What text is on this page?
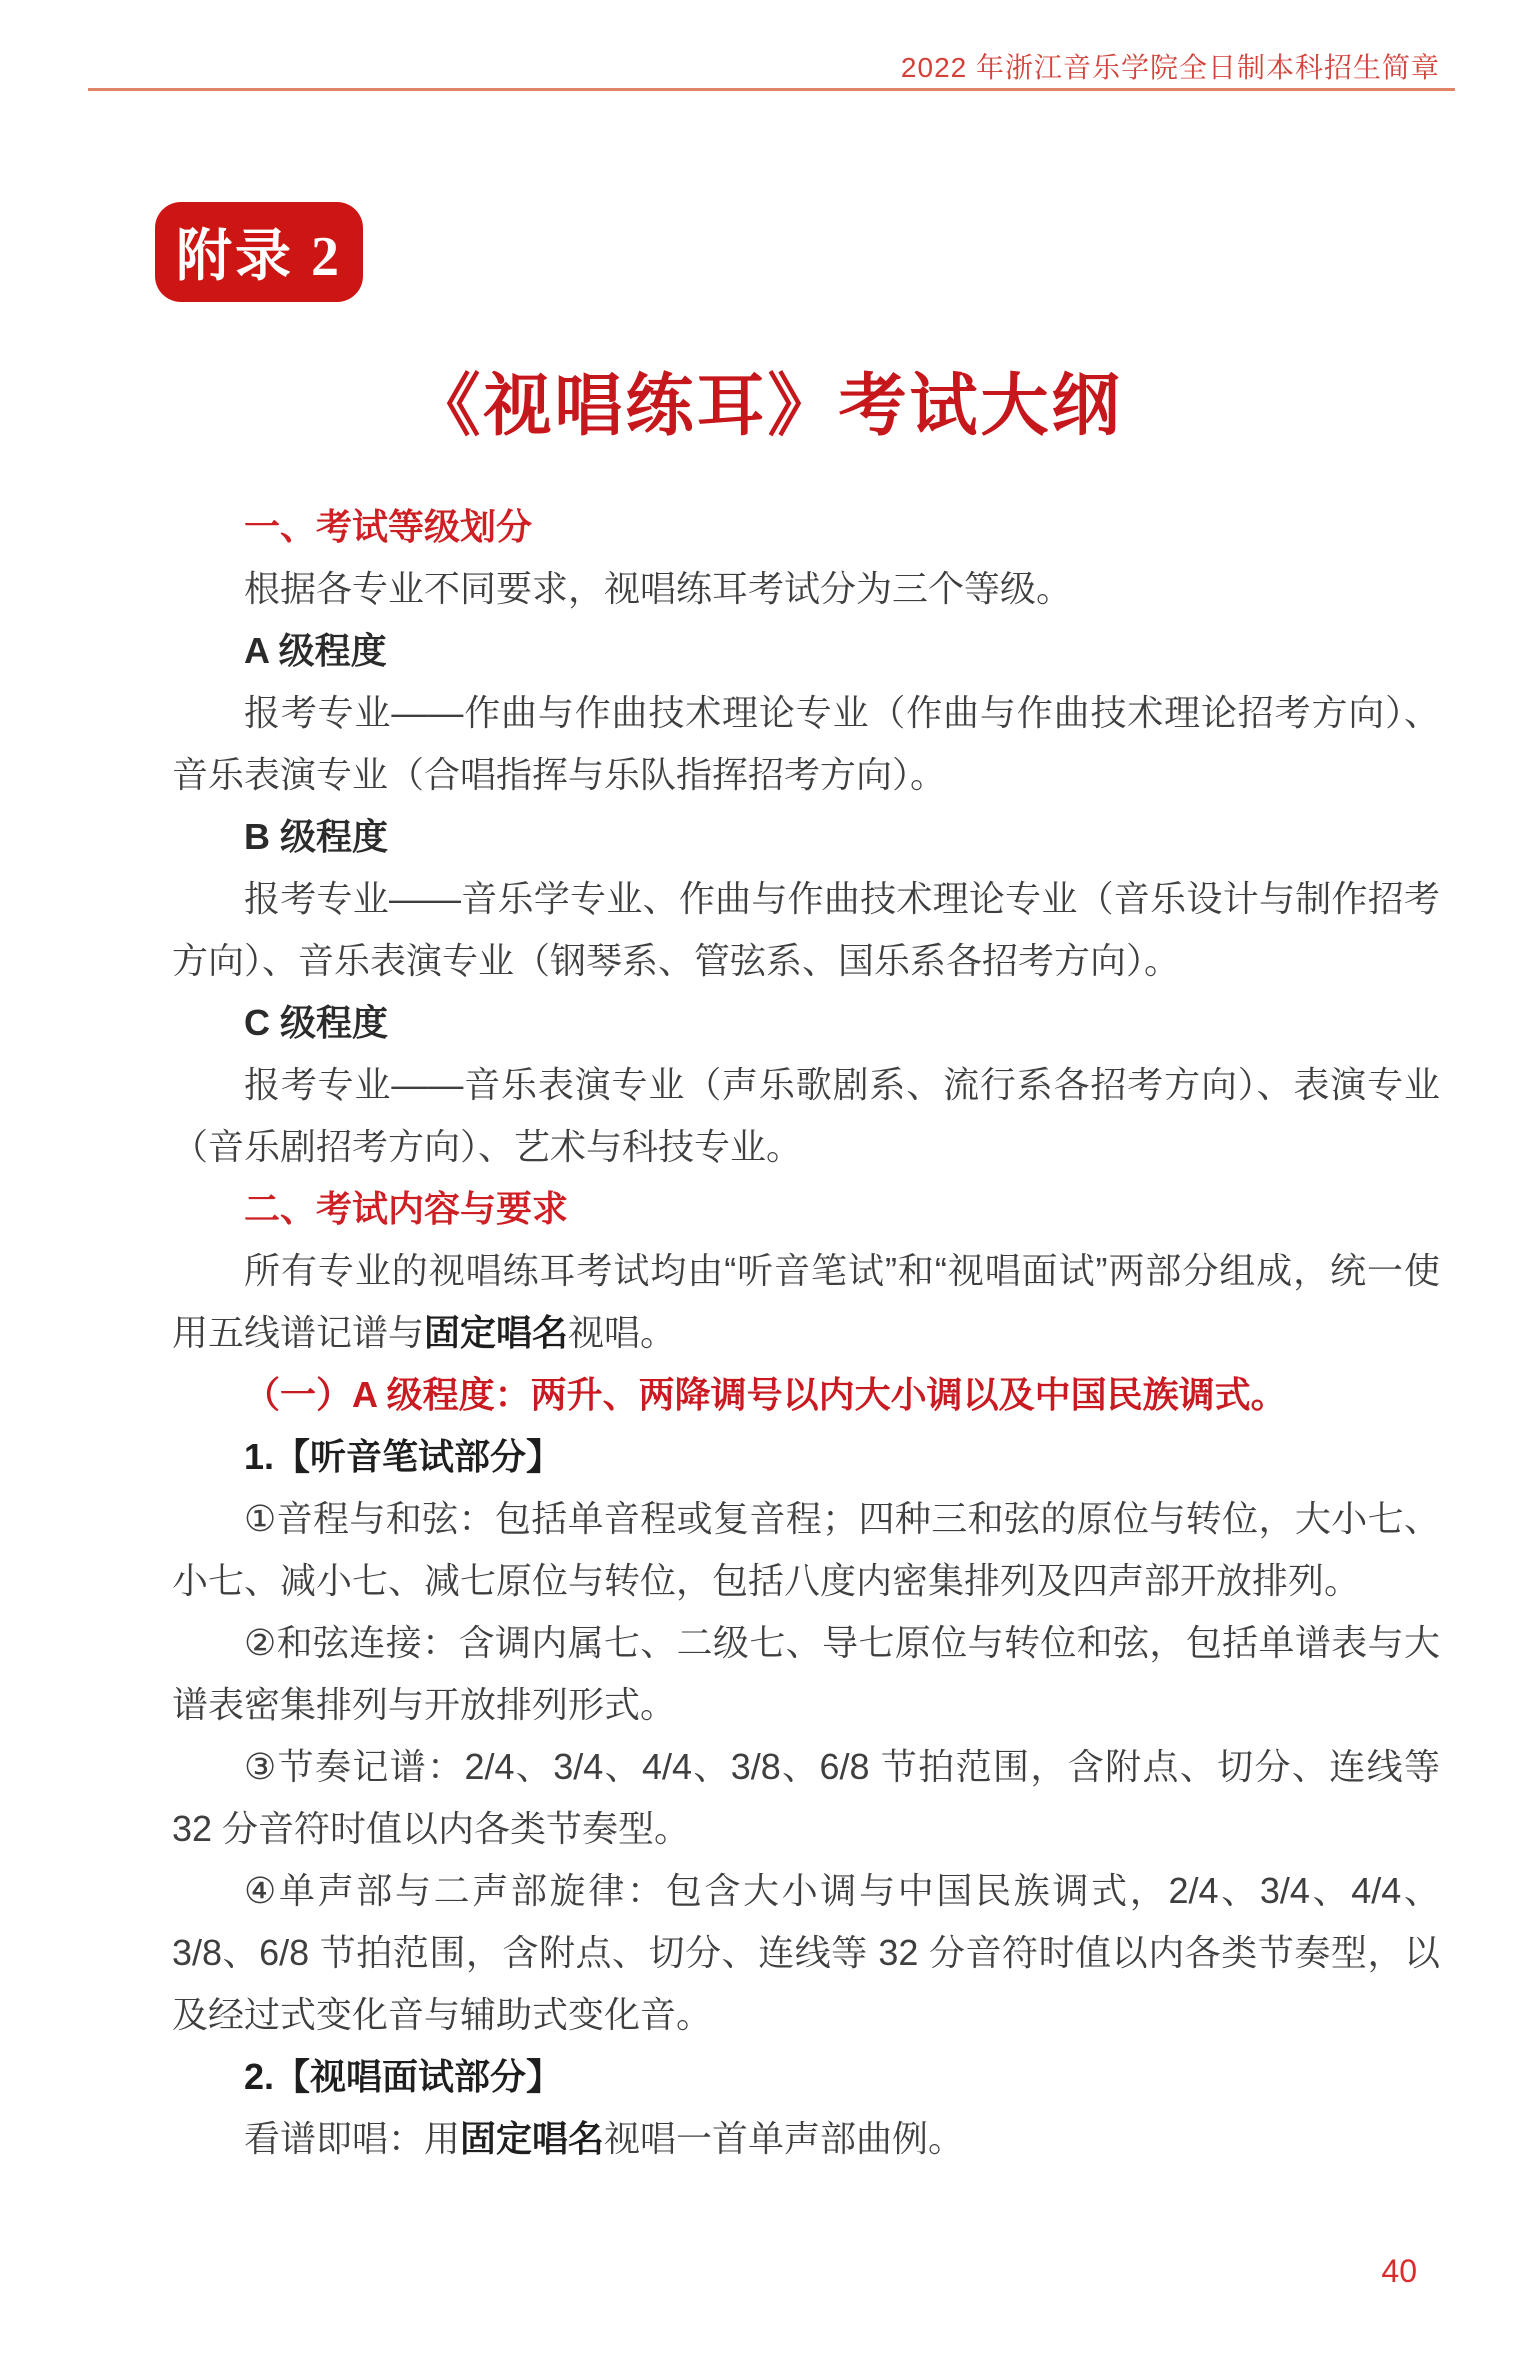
2022 年浙江音乐学院全日制本科招生简章
附录 2
《视唱练耳》考试大纲
一、考试等级划分

根据各专业不同要求，视唱练耳考试分为三个等级。

A 级程度

报考专业——作曲与作曲技术理论专业（作曲与作曲技术理论招考方向）、音乐表演专业（合唱指挥与乐队指挥招考方向）。

B 级程度

报考专业——音乐学专业、作曲与作曲技术理论专业（音乐设计与制作招考方向）、音乐表演专业（钢琴系、管弦系、国乐系各招考方向）。

C 级程度

报考专业——音乐表演专业（声乐歌剧系、流行系各招考方向）、表演专业（音乐剧招考方向）、艺术与科技专业。

二、考试内容与要求

所有专业的视唱练耳考试均由“听音笔试”和“视唱面试”两部分组成，统一使用五线谱记谱与固定唱名视唱。

（一）A 级程度：两升、两降调号以内大小调以及中国民族调式。

1.【听音笔试部分】

①音程与和弦：包括单音程或复音程；四种三和弦的原位与转位，大小七、小七、减小七、减七原位与转位，包括八度内密集排列及四声部开放排列。

②和弦连接：含调内属七、二级七、导七原位与转位和弦，包括单谱表与大谱表密集排列与开放排列形式。

③节奏记谱：2/4、3/4、4/4、3/8、6/8 节拍范围，含附点、切分、连线等 32 分音符时值以内各类节奏型。

④单声部与二声部旋律：包含大小调与中国民族调式，2/4、3/4、4/4、3/8、6/8 节拍范围，含附点、切分、连线等 32 分音符时值以内各类节奏型，以及经过式变化音与辅助式变化音。

2.【视唱面试部分】

看谱即唱：用固定唱名视唱一首单声部曲例。

40
